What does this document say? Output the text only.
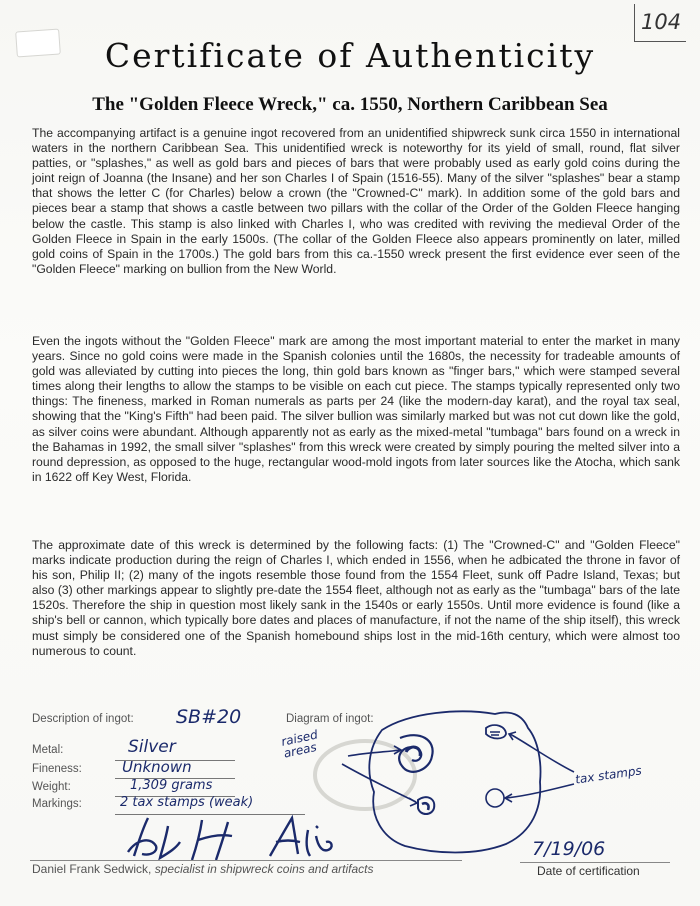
104
Certificate of Authenticity
The "Golden Fleece Wreck," ca. 1550, Northern Caribbean Sea

The accompanying artifact is a genuine ingot recovered from an unidentified shipwreck sunk circa 1550 in international waters in the northern Caribbean Sea. This unidentified wreck is noteworthy for its yield of small, round, flat silver patties, or "splashes," as well as gold bars and pieces of bars that were probably used as early gold coins during the joint reign of Joanna (the Insane) and her son Charles I of Spain (1516-55). Many of the silver "splashes" bear a stamp that shows the letter C (for Charles) below a crown (the "Crowned-C" mark). In addition some of the gold bars and pieces bear a stamp that shows a castle between two pillars with the collar of the Order of the Golden Fleece hanging below the castle. This stamp is also linked with Charles I, who was credited with reviving the medieval Order of the Golden Fleece in Spain in the early 1500s. (The collar of the Golden Fleece also appears prominently on later, milled gold coins of Spain in the 1700s.) The gold bars from this ca.-1550 wreck present the first evidence ever seen of the "Golden Fleece" marking on bullion from the New World.

Even the ingots without the "Golden Fleece" mark are among the most important material to enter the market in many years. Since no gold coins were made in the Spanish colonies until the 1680s, the necessity for tradeable amounts of gold was alleviated by cutting into pieces the long, thin gold bars known as "finger bars," which were stamped several times along their lengths to allow the stamps to be visible on each cut piece. The stamps typically represented only two things: The fineness, marked in Roman numerals as parts per 24 (like the modern-day karat), and the royal tax seal, showing that the "King's Fifth" had been paid. The silver bullion was similarly marked but was not cut down like the gold, as silver coins were abundant. Although apparently not as early as the mixed-metal "tumbaga" bars found on a wreck in the Bahamas in 1992, the small silver "splashes" from this wreck were created by simply pouring the melted silver into a round depression, as opposed to the huge, rectangular wood-mold ingots from later sources like the Atocha, which sank in 1622 off Key West, Florida.

The approximate date of this wreck is determined by the following facts: (1) The "Crowned-C" and "Golden Fleece" marks indicate production during the reign of Charles I, which ended in 1556, when he adbicated the throne in favor of his son, Philip II; (2) many of the ingots resemble those found from the 1554 Fleet, sunk off Padre Island, Texas; but also (3) other markings appear to slightly pre-date the 1554 fleet, although not as early as the "tumbaga" bars of the late 1520s. Therefore the ship in question most likely sank in the 1540s or early 1550s. Until more evidence is found (like a ship's bell or cannon, which typically bore dates and places of manufacture, if not the name of the ship itself), this wreck must simply be considered one of the Spanish homebound ships lost in the mid-16th century, which were almost too numerous to count.

Description of ingot: SB#20	Diagram of ingot:
Metal:	Silver
Fineness:	Unknown
Weight:	1,309 grams
Markings:	2 tax stamps (weak)
raised areas
tax stamps
Daniel Frank Sedwick, specialist in shipwreck coins and artifacts
7/19/06
Date of certification
